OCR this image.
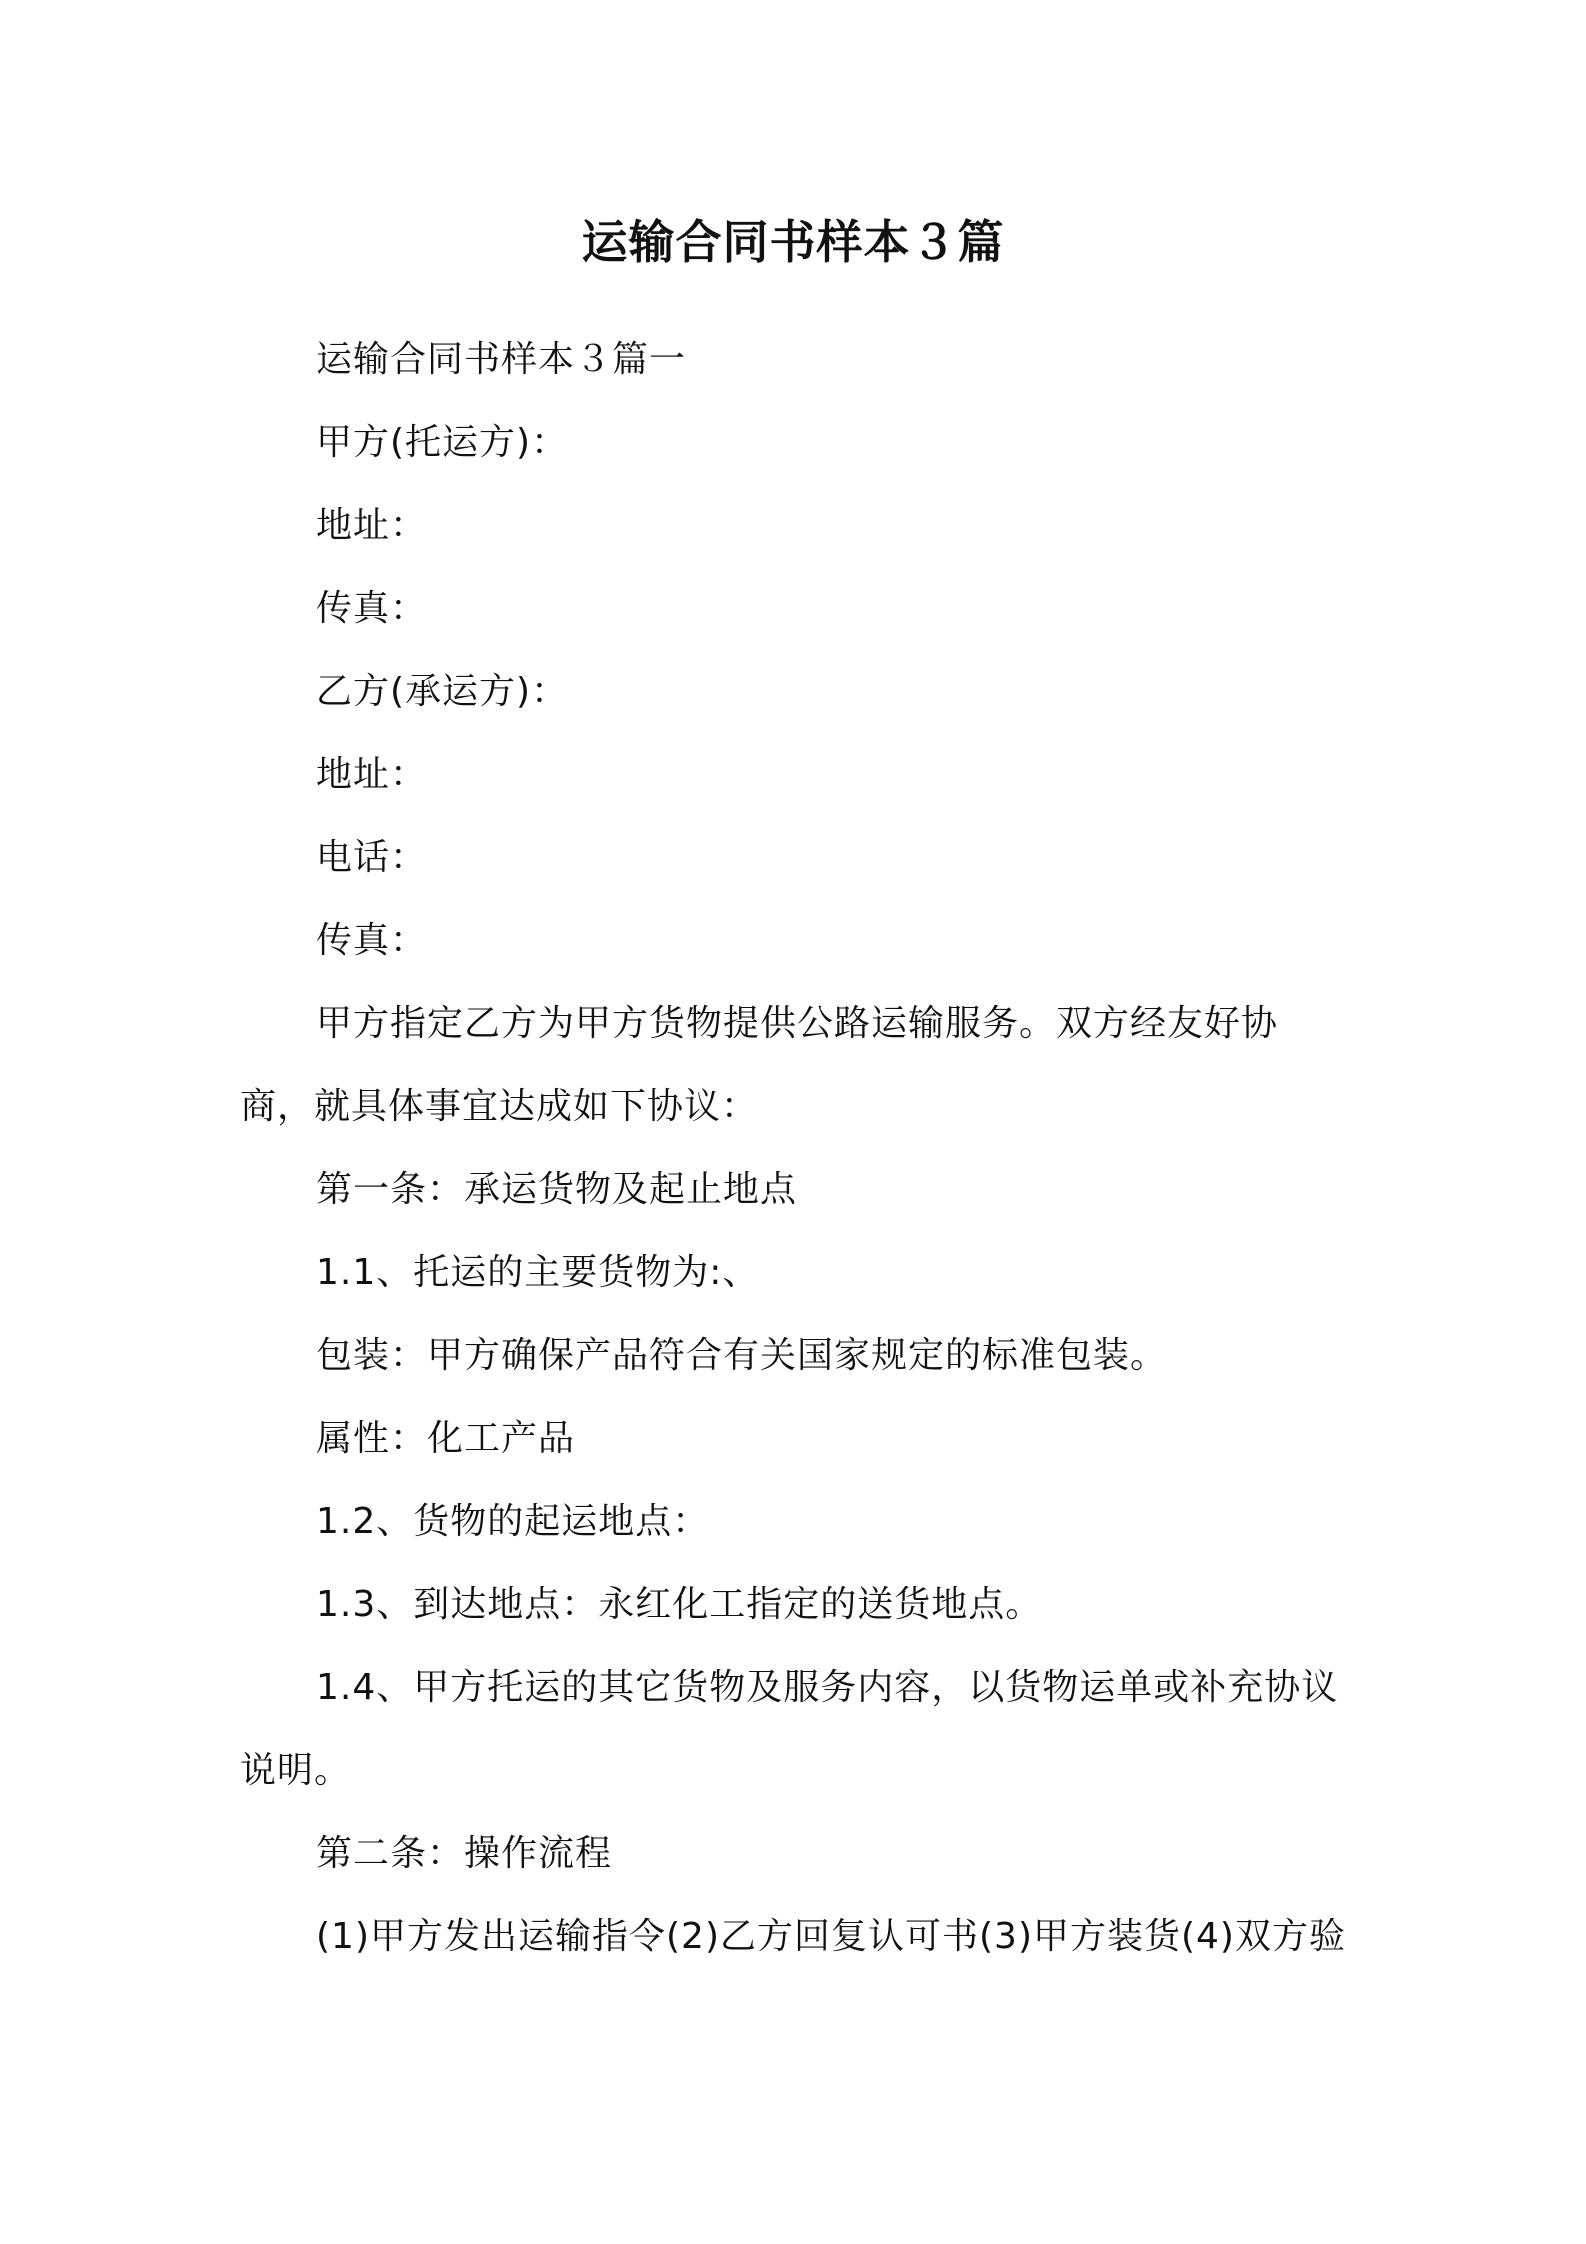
运输合同书样本３篇

运输合同书样本３篇一

甲方(托运方)：

地址：

传真：

乙方(承运方)：

地址：

电话：

传真：

甲方指定乙方为甲方货物提供公路运输服务。双方经友好协商，就具体事宜达成如下协议：

第一条：承运货物及起止地点

1.1、托运的主要货物为:、

包装：甲方确保产品符合有关国家规定的标准包装。

属性：化工产品

1.2、货物的起运地点：

1.3、到达地点：永红化工指定的送货地点。

1.4、甲方托运的其它货物及服务内容，以货物运单或补充协议说明。

第二条：操作流程

(1)甲方发出运输指令(2)乙方回复认可书(3)甲方装货(4)双方验
